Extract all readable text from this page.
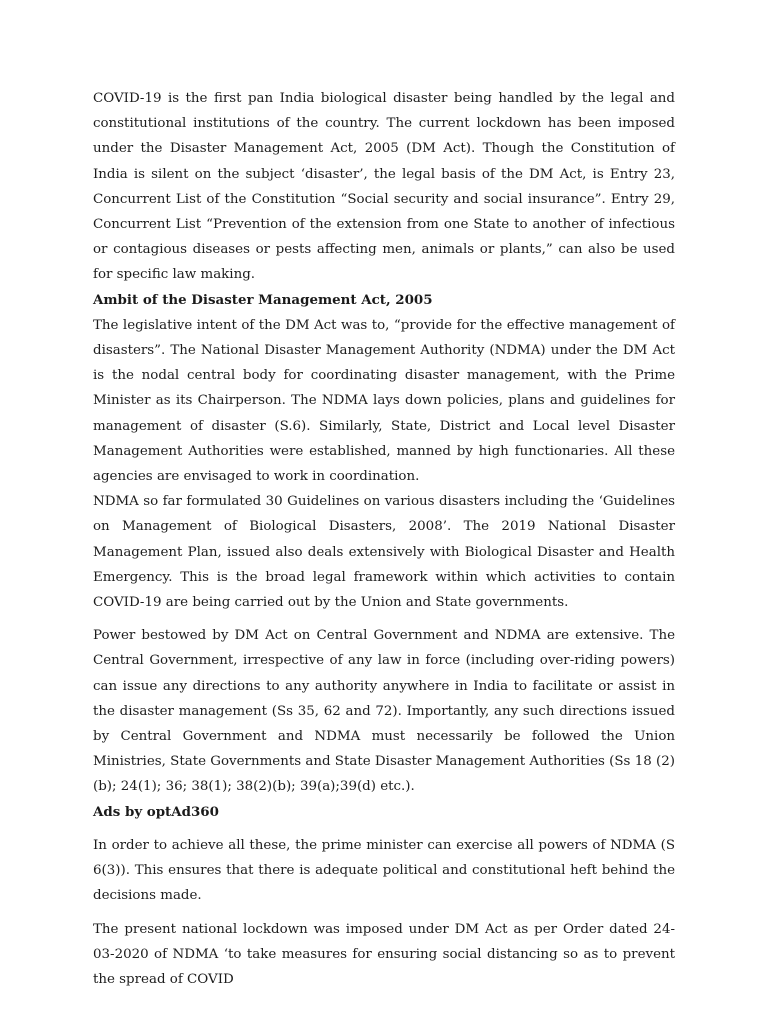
COVID-19 is the first pan India biological disaster being handled by the legal and constitutional institutions of the country. The current lockdown has been imposed under the Disaster Management Act, 2005 (DM Act). Though the Constitution of India is silent on the subject ‘disaster’, the legal basis of the DM Act, is Entry 23, Concurrent List of the Constitution “Social security and social insurance”. Entry 29, Concurrent List “Prevention of the extension from one State to another of infectious or contagious diseases or pests affecting men, animals or plants,” can also be used for specific law making.

Ambit of the Disaster Management Act, 2005

The legislative intent of the DM Act was to, “provide for the effective management of disasters”. The National Disaster Management Authority (NDMA) under the DM Act is the nodal central body for coordinating disaster management, with the Prime Minister as its Chairperson. The NDMA lays down policies, plans and guidelines for management of disaster (S.6). Similarly, State, District and Local level Disaster Management Authorities were established, manned by high functionaries. All these agencies are envisaged to work in coordination.

NDMA so far formulated 30 Guidelines on various disasters including the ‘Guidelines on Management of Biological Disasters, 2008’. The 2019 National Disaster Management Plan, issued also deals extensively with Biological Disaster and Health Emergency. This is the broad legal framework within which activities to contain COVID-19 are being carried out by the Union and State governments.

Power bestowed by DM Act on Central Government and NDMA are extensive. The Central Government, irrespective of any law in force (including over-riding powers) can issue any directions to any authority anywhere in India to facilitate or assist in the disaster management (Ss 35, 62 and 72). Importantly, any such directions issued by Central Government and NDMA must necessarily be followed the Union Ministries, State Governments and State Disaster Management Authorities (Ss 18 (2) (b); 24(1); 36; 38(1); 38(2)(b); 39(a);39(d) etc.).

Ads by optAd360

In order to achieve all these, the prime minister can exercise all powers of NDMA (S 6(3)). This ensures that there is adequate political and constitutional heft behind the decisions made.

The present national lockdown was imposed under DM Act as per Order dated 24-03-2020 of NDMA ‘to take measures for ensuring social distancing so as to prevent the spread of COVID
